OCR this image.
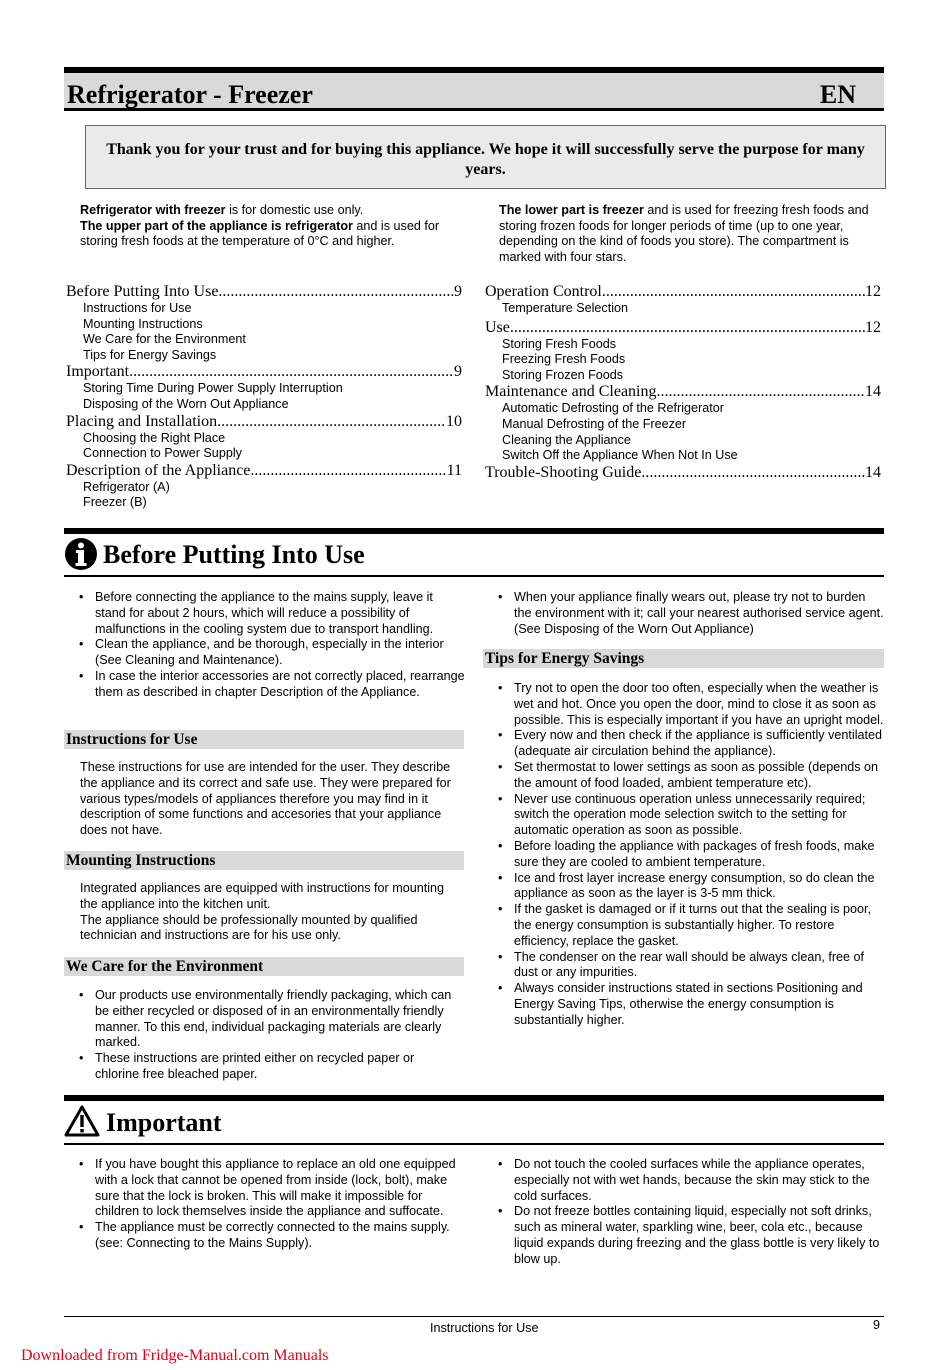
Refrigerator - Freezer	EN
Thank you for your trust and for buying this appliance. We hope it will successfully serve the purpose for many years.
Refrigerator with freezer is for domestic use only.
The upper part of the appliance is refrigerator and is used for storing fresh foods at the temperature of 0°C and higher.
The lower part is freezer and is used for freezing fresh foods and storing frozen foods for longer periods of time (up to one year, depending on the kind of foods you store). The compartment is marked with four stars.
Before Putting Into Use .....	9
Instructions for Use
Mounting Instructions
We Care for the Environment
Tips for Energy Savings
Important .....	9
Storing Time During Power Supply Interruption
Disposing of the Worn Out Appliance
Placing and Installation .....	10
Choosing the Right Place
Connection to Power Supply
Description of the Appliance .....	11
Refrigerator (A)
Freezer (B)
Operation Control .....	12
Temperature Selection
Use .....	12
Storing Fresh Foods
Freezing Fresh Foods
Storing Frozen Foods
Maintenance and Cleaning .....	14
Automatic Defrosting of the Refrigerator
Manual Defrosting of the Freezer
Cleaning the Appliance
Switch Off the Appliance When Not In Use
Trouble-Shooting Guide .....	14
Before Putting Into Use
• Before connecting the appliance to the mains supply, leave it stand for about 2 hours, which will reduce a possibility of malfunctions in the cooling system due to transport handling.
• Clean the appliance, and be thorough, especially in the interior (See Cleaning and Maintenance).
• In case the interior accessories are not correctly placed, rearrange them as described in chapter Description of the Appliance.
Instructions for Use
These instructions for use are intended for the user. They describe the appliance and its correct and safe use. They were prepared for various types/models of appliances therefore you may find in it description of some functions and accesories that your appliance does not have.
Mounting Instructions
Integrated appliances are equipped with instructions for mounting the appliance into the kitchen unit.
The appliance should be professionally mounted by qualified technician and instructions are for his use only.
We Care for the Environment
• Our products use environmentally friendly packaging, which can be either recycled or disposed of in an environmentally friendly manner. To this end, individual packaging materials are clearly marked.
• These instructions are printed either on recycled paper or chlorine free bleached paper.
• When your appliance finally wears out, please try not to burden the environment with it; call your nearest authorised service agent. (See Disposing of the Worn Out Appliance)
Tips for Energy Savings
• Try not to open the door too often, especially when the weather is wet and hot. Once you open the door, mind to close it as soon as possible. This is especially important if you have an upright model.
• Every now and then check if the appliance is sufficiently ventilated (adequate air circulation behind the appliance).
• Set thermostat to lower settings as soon as possible (depends on the amount of food loaded, ambient temperature etc).
• Never use continuous operation unless unnecessarily required; switch the operation mode selection switch to the setting for automatic operation as soon as possible.
• Before loading the appliance with packages of fresh foods, make sure they are cooled to ambient temperature.
• Ice and frost layer increase energy consumption, so do clean the appliance as soon as the layer is 3-5 mm thick.
• If the gasket is damaged or if it turns out that the sealing is poor, the energy consumption is substantially higher. To restore efficiency, replace the gasket.
• The condenser on the rear wall should be always clean, free of dust or any impurities.
• Always consider instructions stated in sections Positioning and Energy Saving Tips, otherwise the energy consumption is substantially higher.
Important
• If you have bought this appliance to replace an old one equipped with a lock that cannot be opened from inside (lock, bolt), make sure that the lock is broken. This will make it impossible for children to lock themselves inside the appliance and suffocate.
• The appliance must be correctly connected to the mains supply. (see: Connecting to the Mains Supply).
• Do not touch the cooled surfaces while the appliance operates, especially not with wet hands, because the skin may stick to the cold surfaces.
• Do not freeze bottles containing liquid, especially not soft drinks, such as mineral water, sparkling wine, beer, cola etc., because liquid expands during freezing and the glass bottle is very likely to blow up.
Instructions for Use	9
Downloaded from Fridge-Manual.com Manuals
